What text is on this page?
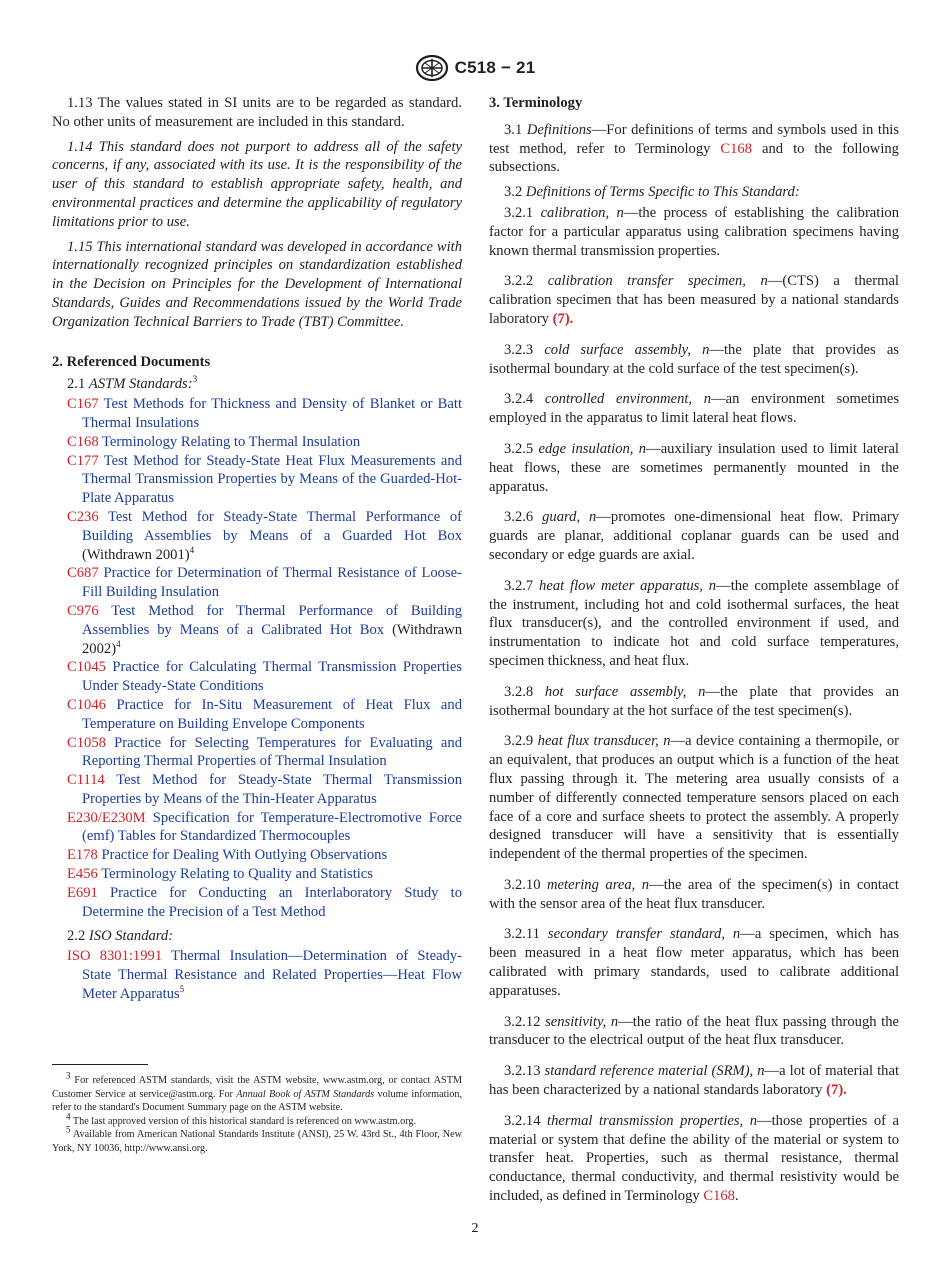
C518 − 21

1.13 The values stated in SI units are to be regarded as standard. No other units of measurement are included in this standard.

1.14 This standard does not purport to address all of the safety concerns, if any, associated with its use. It is the responsibility of the user of this standard to establish appropriate safety, health, and environmental practices and determine the applicability of regulatory limitations prior to use.

1.15 This international standard was developed in accordance with internationally recognized principles on standardization established in the Decision on Principles for the Development of International Standards, Guides and Recommendations issued by the World Trade Organization Technical Barriers to Trade (TBT) Committee.

2. Referenced Documents

2.1 ASTM Standards:$^3$

C167 Test Methods for Thickness and Density of Blanket or Batt Thermal Insulations

C168 Terminology Relating to Thermal Insulation

C177 Test Method for Steady-State Heat Flux Measurements and Thermal Transmission Properties by Means of the Guarded-Hot-Plate Apparatus

C236 Test Method for Steady-State Thermal Performance of Building Assemblies by Means of a Guarded Hot Box (Withdrawn 2001)$^4$

C687 Practice for Determination of Thermal Resistance of Loose-Fill Building Insulation

C976 Test Method for Thermal Performance of Building Assemblies by Means of a Calibrated Hot Box (Withdrawn 2002)$^4$

C1045 Practice for Calculating Thermal Transmission Properties Under Steady-State Conditions

C1046 Practice for In-Situ Measurement of Heat Flux and Temperature on Building Envelope Components

C1058 Practice for Selecting Temperatures for Evaluating and Reporting Thermal Properties of Thermal Insulation

C1114 Test Method for Steady-State Thermal Transmission Properties by Means of the Thin-Heater Apparatus

E230/E230M Specification for Temperature-Electromotive Force (emf) Tables for Standardized Thermocouples

E178 Practice for Dealing With Outlying Observations

E456 Terminology Relating to Quality and Statistics

E691 Practice for Conducting an Interlaboratory Study to Determine the Precision of a Test Method

2.2 ISO Standard:

ISO 8301:1991 Thermal Insulation—Determination of Steady-State Thermal Resistance and Related Properties—Heat Flow Meter Apparatus$^5$

$^3$ For referenced ASTM standards, visit the ASTM website, www.astm.org, or contact ASTM Customer Service at service@astm.org. For Annual Book of ASTM Standards volume information, refer to the standard's Document Summary page on the ASTM website.

$^4$ The last approved version of this historical standard is referenced on www.astm.org.

$^5$ Available from American National Standards Institute (ANSI), 25 W. 43rd St., 4th Floor, New York, NY 10036, http://www.ansi.org.

3. Terminology

3.1 Definitions—For definitions of terms and symbols used in this test method, refer to Terminology C168 and to the following subsections.

3.2 Definitions of Terms Specific to This Standard:

3.2.1 calibration, n—the process of establishing the calibration factor for a particular apparatus using calibration specimens having known thermal transmission properties.

3.2.2 calibration transfer specimen, n—(CTS) a thermal calibration specimen that has been measured by a national standards laboratory (7).

3.2.3 cold surface assembly, n—the plate that provides as isothermal boundary at the cold surface of the test specimen(s).

3.2.4 controlled environment, n—an environment sometimes employed in the apparatus to limit lateral heat flows.

3.2.5 edge insulation, n—auxiliary insulation used to limit lateral heat flows, these are sometimes permanently mounted in the apparatus.

3.2.6 guard, n—promotes one-dimensional heat flow. Primary guards are planar, additional coplanar guards can be used and secondary or edge guards are axial.

3.2.7 heat flow meter apparatus, n—the complete assemblage of the instrument, including hot and cold isothermal surfaces, the heat flux transducer(s), and the controlled environment if used, and instrumentation to indicate hot and cold surface temperatures, specimen thickness, and heat flux.

3.2.8 hot surface assembly, n—the plate that provides an isothermal boundary at the hot surface of the test specimen(s).

3.2.9 heat flux transducer, n—a device containing a thermopile, or an equivalent, that produces an output which is a function of the heat flux passing through it. The metering area usually consists of a number of differently connected temperature sensors placed on each face of a core and surface sheets to protect the assembly. A properly designed transducer will have a sensitivity that is essentially independent of the thermal properties of the specimen.

3.2.10 metering area, n—the area of the specimen(s) in contact with the sensor area of the heat flux transducer.

3.2.11 secondary transfer standard, n—a specimen, which has been measured in a heat flow meter apparatus, which has been calibrated with primary standards, used to calibrate additional apparatuses.

3.2.12 sensitivity, n—the ratio of the heat flux passing through the transducer to the electrical output of the heat flux transducer.

3.2.13 standard reference material (SRM), n—a lot of material that has been characterized by a national standards laboratory (7).

3.2.14 thermal transmission properties, n—those properties of a material or system that define the ability of the material or system to transfer heat. Properties, such as thermal resistance, thermal conductance, thermal conductivity, and thermal resistivity would be included, as defined in Terminology C168.

2
